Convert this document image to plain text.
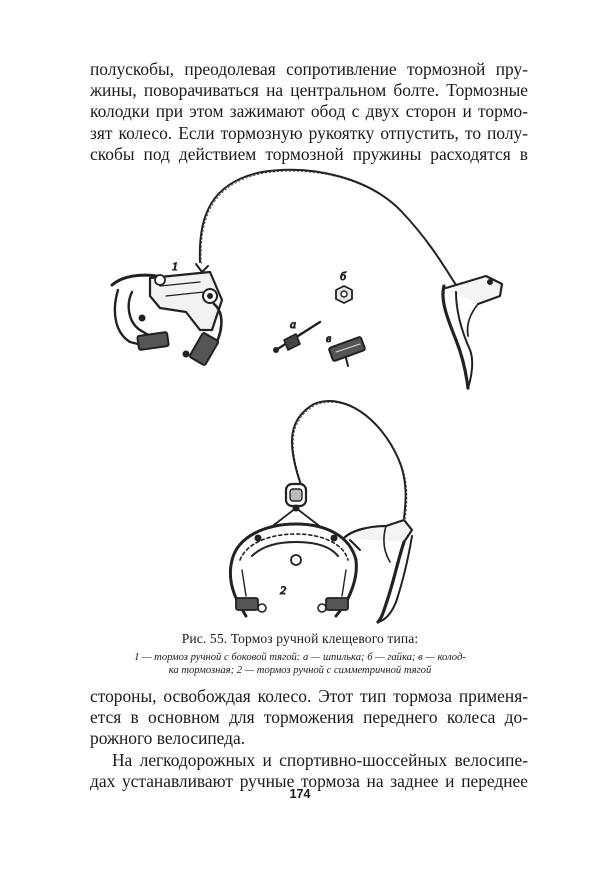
полускобы, преодолевая сопротивление тормозной пру-
жины, поворачиваться на центральном болте. Тормозные
колодки при этом зажимают обод с двух сторон и тормо-
зят колесо. Если тормозную рукоятку отпустить, то полу-
скобы под действием тормозной пружины расходятся в
1
б
а
в
2
Рис. 55. Тормоз ручной клещевого типа:
1 — тормоз ручной с боковой тягой: а — шпилька; б — гайка; в — колод-
ка тормозная; 2 — тормоз ручной с симметричной тягой
стороны, освобождая колесо. Этот тип тормоза применя-
ется в основном для торможения переднего колеса до-
рожного велосипеда.
На легкодорожных и спортивно-шоссейных велосипе-
дах устанавливают ручные тормоза на заднее и переднее
174
